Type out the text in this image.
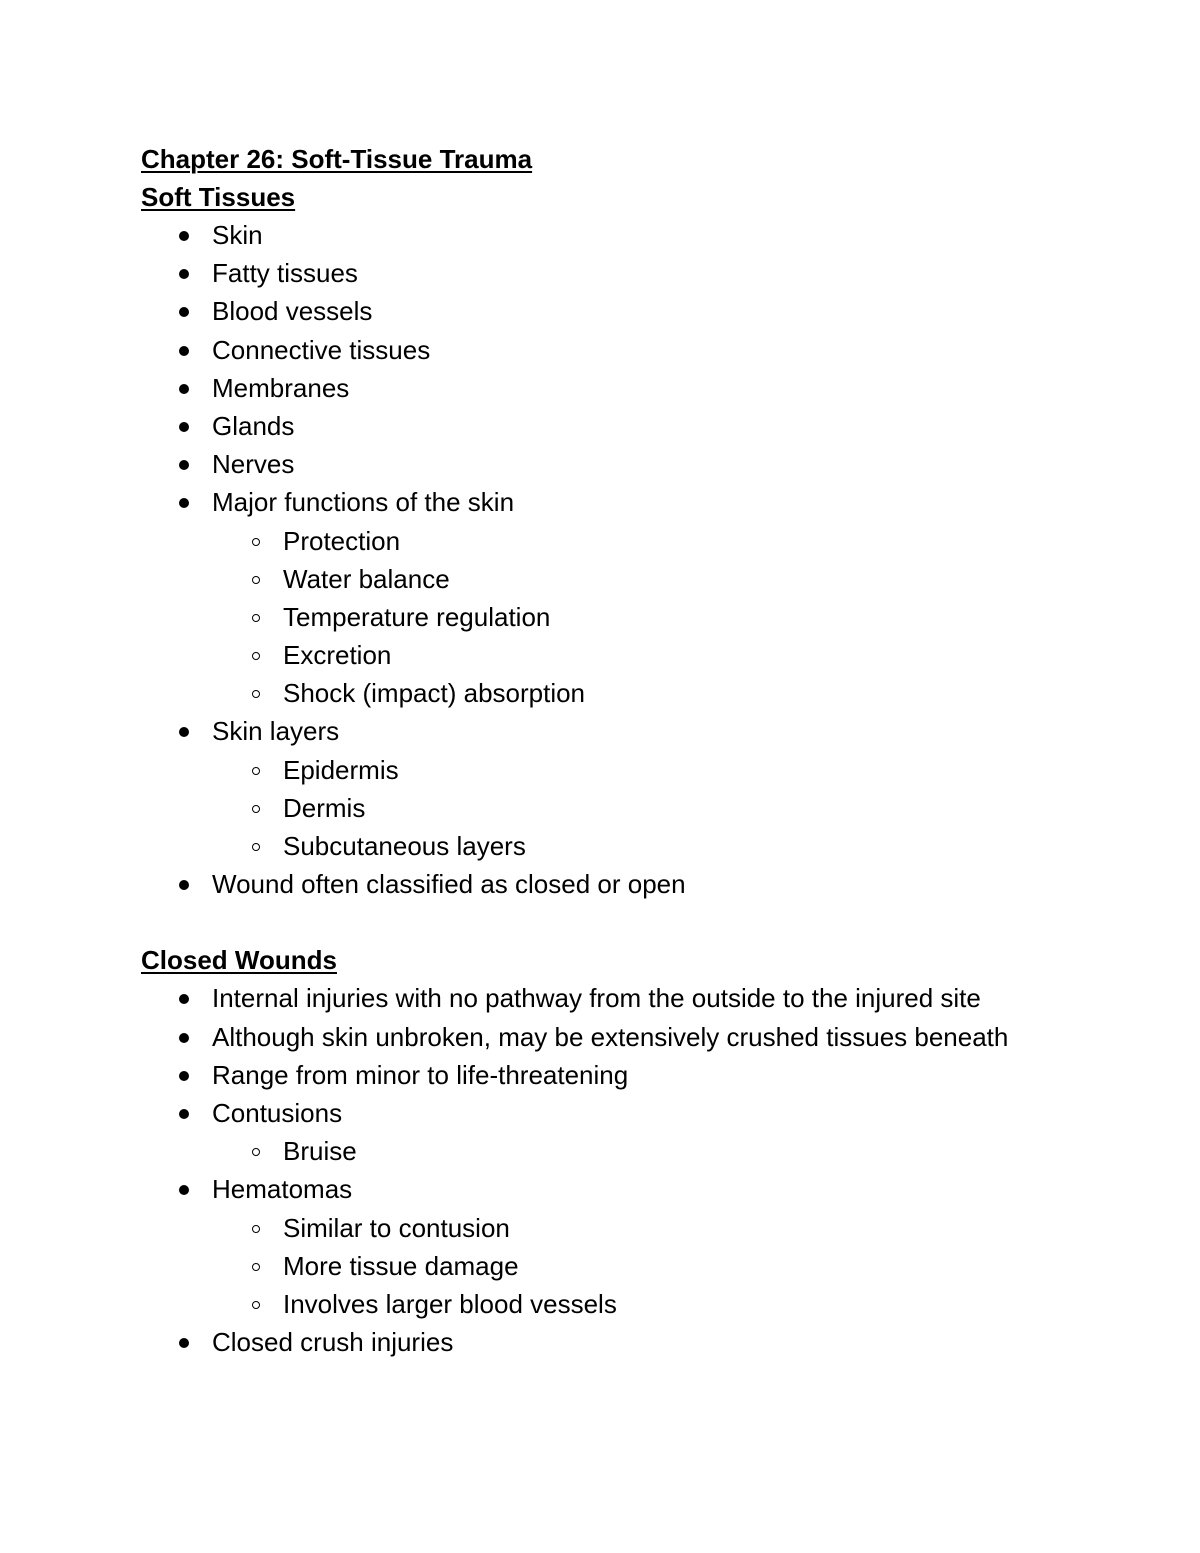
Chapter 26: Soft-Tissue Trauma
Soft Tissues
Skin
Fatty tissues
Blood vessels
Connective tissues
Membranes
Glands
Nerves
Major functions of the skin
Protection
Water balance
Temperature regulation
Excretion
Shock (impact) absorption
Skin layers
Epidermis
Dermis
Subcutaneous layers
Wound often classified as closed or open
Closed Wounds
Internal injuries with no pathway from the outside to the injured site
Although skin unbroken, may be extensively crushed tissues beneath
Range from minor to life-threatening
Contusions
Bruise
Hematomas
Similar to contusion
More tissue damage
Involves larger blood vessels
Closed crush injuries
